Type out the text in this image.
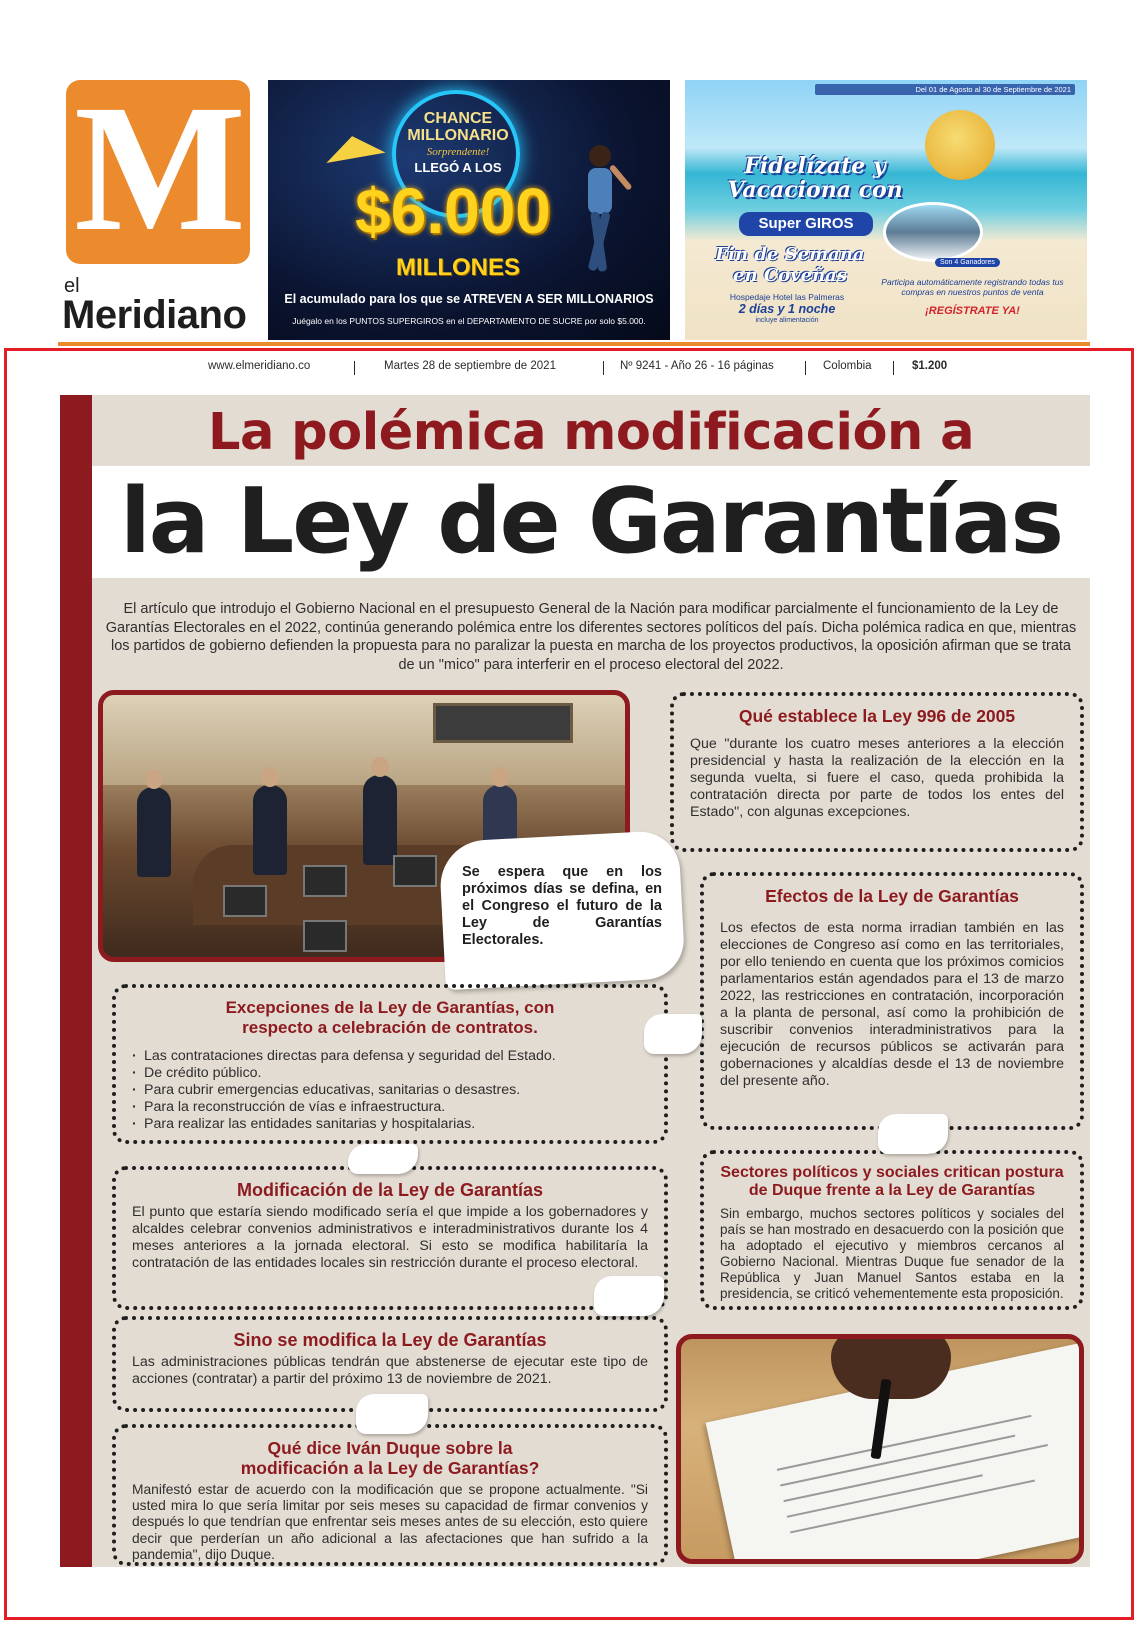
M
el
Meridiano
CHANCE MILLONARIO
Sorprendente!
LLEGÓ A LOS
$6.000
MILLONES
El acumulado para los que se ATREVEN A SER MILLONARIOS
Juégalo en los PUNTOS SUPERGIROS en el DEPARTAMENTO DE SUCRE por solo $5.000.
Del 01 de Agosto al 30 de Septiembre de 2021
Fidelízate y Vacaciona con
Super GIROS
Fin de Semana en Coveñas
Son 4 Ganadores
Hospedaje Hotel las Palmeras
2 días y 1 noche
incluye alimentación
Participa automáticamente registrando todas tus compras en nuestros puntos de venta
¡REGÍSTRATE YA!
www.elmeridiano.co	Martes 28 de septiembre de 2021	Nº 9241 - Año 26 - 16 páginas	Colombia	$1.200
La polémica modificación a
la Ley de Garantías
El artículo que introdujo el Gobierno Nacional en el presupuesto General de la Nación para modificar parcialmente el funcionamiento de la Ley de Garantías Electorales en el 2022, continúa generando polémica entre los diferentes sectores políticos del país. Dicha polémica radica en que, mientras los partidos de gobierno defienden la propuesta para no paralizar la puesta en marcha de los proyectos productivos, la oposición afirman que se trata de un "mico" para interferir en el proceso electoral del 2022.
Se espera que en los próximos días se defina, en el Congreso el futuro de la Ley de Garantías Electorales.
Qué establece la Ley 996 de 2005
Que "durante los cuatro meses anteriores a la elección presidencial y hasta la realización de la elección en la segunda vuelta, si fuere el caso, queda prohibida la contratación directa por parte de todos los entes del Estado", con algunas excepciones.
Efectos de la Ley de Garantías
Los efectos de esta norma irradian también en las elecciones de Congreso así como en las territoriales, por ello teniendo en cuenta que los próximos comicios parlamentarios están agendados para el 13 de marzo 2022, las restricciones en contratación, incorporación a la planta de personal, así como la prohibición de suscribir convenios interadministrativos para la ejecución de recursos públicos se activarán para gobernaciones y alcaldías desde el 13 de noviembre del presente año.
Excepciones de la Ley de Garantías, con respecto a celebración de contratos.
· Las contrataciones directas para defensa y seguridad del Estado.
· De crédito público.
· Para cubrir emergencias educativas, sanitarias o desastres.
· Para la reconstrucción de vías e infraestructura.
· Para realizar las entidades sanitarias y hospitalarias.
Sectores políticos y sociales critican postura de Duque frente a la Ley de Garantías
Sin embargo, muchos sectores políticos y sociales del país se han mostrado en desacuerdo con la posición que ha adoptado el ejecutivo y miembros cercanos al Gobierno Nacional. Mientras Duque fue senador de la República y Juan Manuel Santos estaba en la presidencia, se criticó vehementemente esta proposición.
Modificación de la Ley de Garantías
El punto que estaría siendo modificado sería el que impide a los gobernadores y alcaldes celebrar convenios administrativos e interadministrativos durante los 4 meses anteriores a la jornada electoral. Si esto se modifica habilitaría la contratación de las entidades locales sin restricción durante el proceso electoral.
Sino se modifica la Ley de Garantías
Las administraciones públicas tendrán que abstenerse de ejecutar este tipo de acciones (contratar) a partir del próximo 13 de noviembre de 2021.
Qué dice Iván Duque sobre la modificación a la Ley de Garantías?
Manifestó estar de acuerdo con la modificación que se propone actualmente. "Si usted mira lo que sería limitar por seis meses su capacidad de firmar convenios y después lo que tendrían que enfrentar seis meses antes de su elección, esto quiere decir que perderían un año adicional a las afectaciones que han sufrido a la pandemia", dijo Duque.
